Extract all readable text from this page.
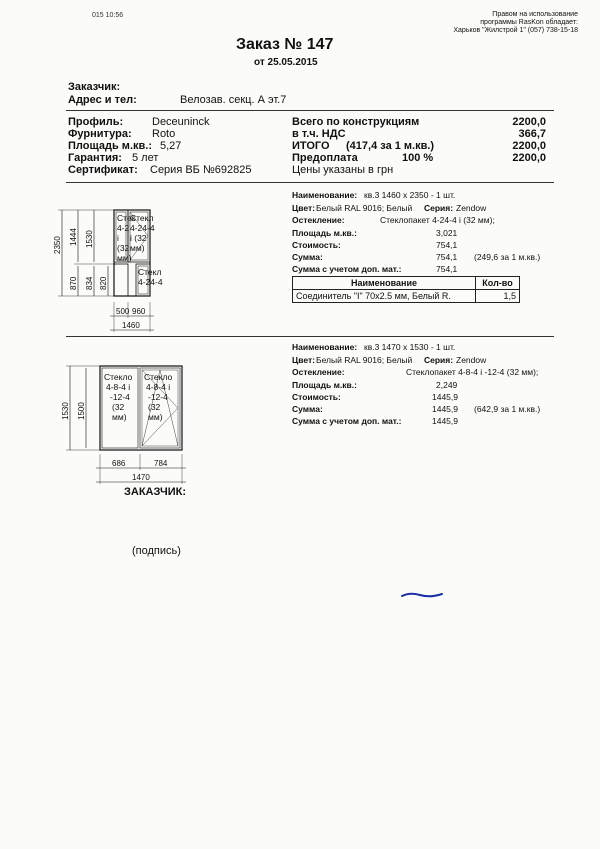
015 10:56	Правом на использование
программы RasKon обладает:
Харьков "Жилстрой 1" (057) 738-15-18
Заказ № 147
от 25.05.2015
Заказчик:
Адрес и тел:	Велозав. секц. А эт.7
Профиль:	Deceuninck
Фурнитура: Roto
Площадь м.кв.: 5,27
Гарантия: 5 лет
Сертификат: Серия ВБ №692825
Всего по конструкциям	2200,0
в т.ч. НДС	366,7
ИТОГО (417,4 за 1 м.кв.)	2200,0
Предоплата	100 %	2200,0
Цены указаны в грн
2350 1444 1530
870 834 820
Стек
4-2
i
(32
мм)
Стекл
4-24-4
i (32
мм)
Стекл
4-24-4
500 960
1460
Наименование: кв.3 1460 x 2350 - 1 шт.
Цвет: Белый RAL 9016; Белый Серия: Zendow
Остекление:	Стеклопакет 4-24-4 i (32 мм);
Площадь м.кв.:	3,021
Стоимость:	754,1
Сумма:	754,1 (249,6 за 1 м.кв.)
Сумма с учетом доп. мат.:	754,1
Наименование	Кол-во
Соединитель "I" 70x2.5 мм, Белый R.	1,5
1530 1500
Стекло
4-8-4 i
-12-4
(32
мм)
Стекло
4-8-4 i
-12-4
(32
мм)
686	784
1470
Наименование: кв.3 1470 x 1530 - 1 шт.
Цвет: Белый RAL 9016; Белый Серия: Zendow
Остекление:	Стеклопакет 4-8-4 i -12-4 (32 мм);
Площадь м.кв.:	2,249
Стоимость:	1445,9
Сумма:	1445,9 (642,9 за 1 м.кв.)
Сумма с учетом доп. мат.:	1445,9
ЗАКАЗЧИК:
(подпись)
